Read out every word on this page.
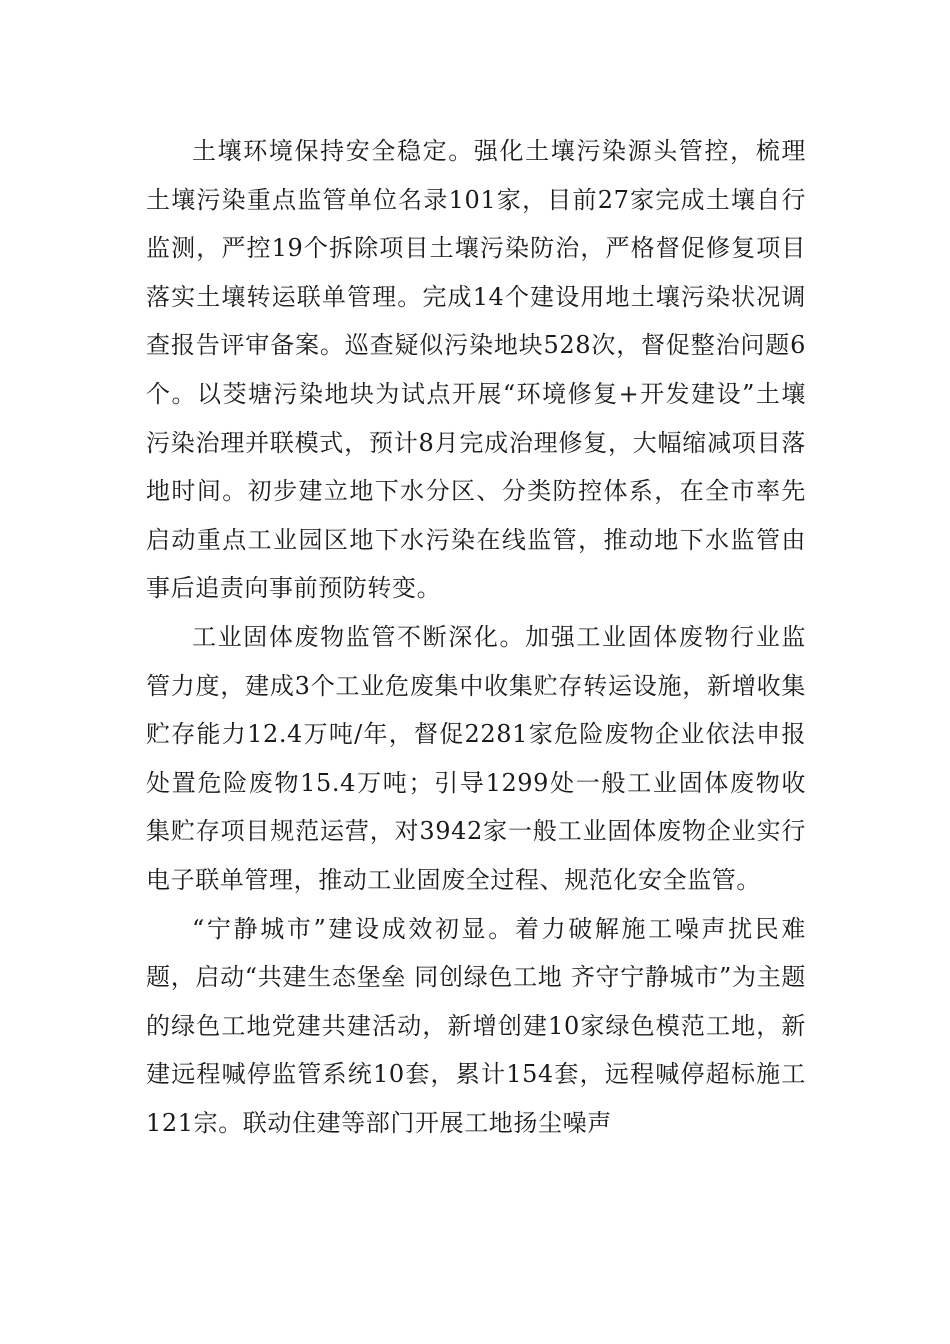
土壤环境保持安全稳定。强化土壤污染源头管控，梳理土壤污染重点监管单位名录101家，目前27家完成土壤自行监测，严控19个拆除项目土壤污染防治，严格督促修复项目落实土壤转运联单管理。完成14个建设用地土壤污染状况调查报告评审备案。巡查疑似污染地块528次，督促整治问题6个。以茭塘污染地块为试点开展“环境修复+开发建设”土壤污染治理并联模式，预计8月完成治理修复，大幅缩减项目落地时间。初步建立地下水分区、分类防控体系，在全市率先启动重点工业园区地下水污染在线监管，推动地下水监管由事后追责向事前预防转变。

工业固体废物监管不断深化。加强工业固体废物行业监管力度，建成3个工业危废集中收集贮存转运设施，新增收集贮存能力12.4万吨/年，督促2281家危险废物企业依法申报处置危险废物15.4万吨；引导1299处一般工业固体废物收集贮存项目规范运营，对3942家一般工业固体废物企业实行电子联单管理，推动工业固废全过程、规范化安全监管。

“宁静城市”建设成效初显。着力破解施工噪声扰民难题，启动“共建生态堡垒 同创绿色工地 齐守宁静城市”为主题的绿色工地党建共建活动，新增创建10家绿色模范工地，新建远程喊停监管系统10套，累计154套，远程喊停超标施工121宗。联动住建等部门开展工地扬尘噪声
